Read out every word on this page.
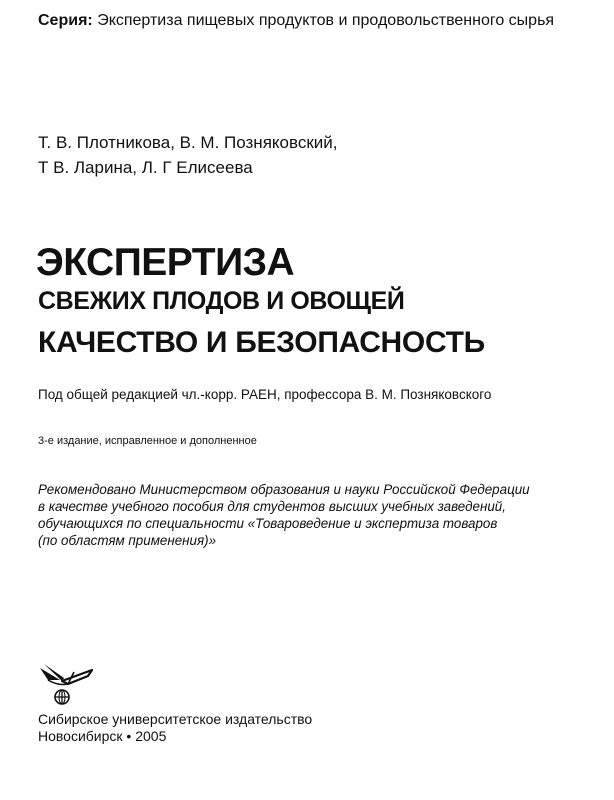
Серия: Экспертиза пищевых продуктов и продовольственного сырья
Т. В. Плотникова, В. М. Позняковский,
Т В. Ларина, Л. Г Елисеева
ЭКСПЕРТИЗА
СВЕЖИХ ПЛОДОВ И ОВОЩЕЙ
КАЧЕСТВО И БЕЗОПАСНОСТЬ
Под общей редакцией чл.-корр. РАЕН, профессора В. М. Позняковского
3-е издание, исправленное и дополненное
Рекомендовано Министерством образования и науки Российской Федерации
в качестве учебного пособия для студентов высших учебных заведений,
обучающихся по специальности «Товароведение и экспертиза товаров
(по областям применения)»
Сибирское университетское издательство
Новосибирск • 2005
